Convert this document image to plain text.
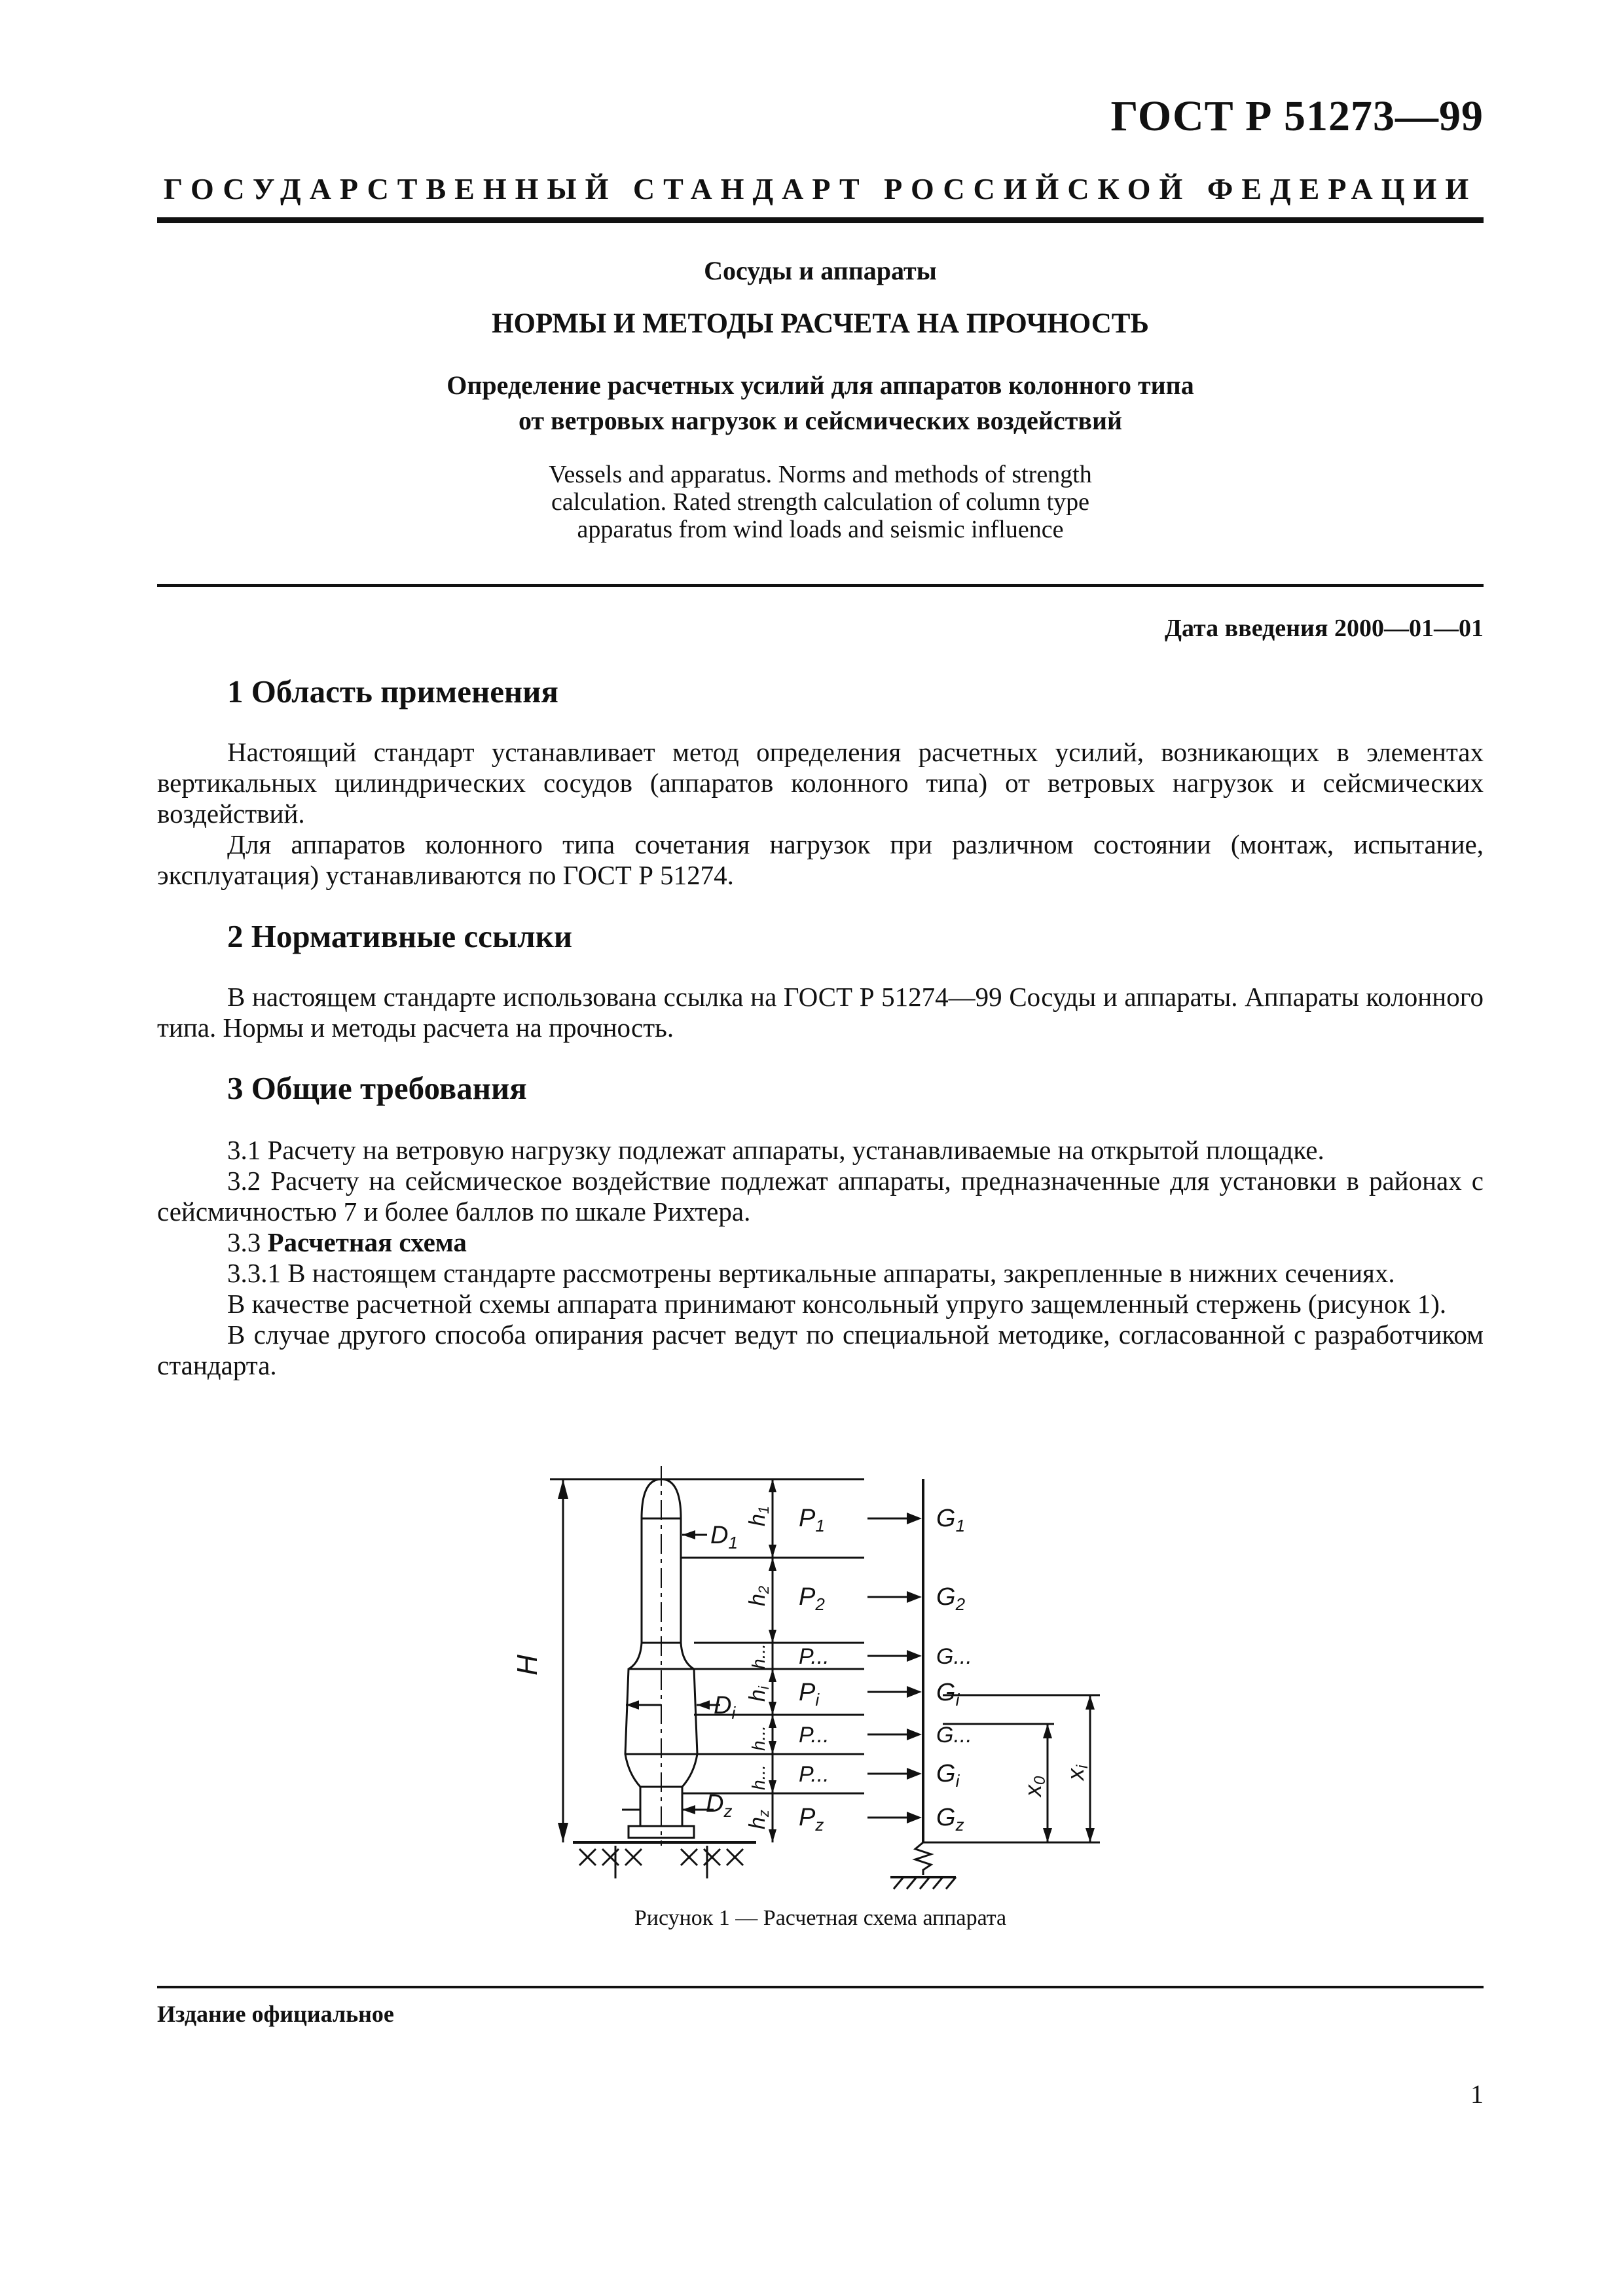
ГОСТ Р 51273—99
ГОСУДАРСТВЕННЫЙ СТАНДАРТ РОССИЙСКОЙ ФЕДЕРАЦИИ
Сосуды и аппараты
НОРМЫ И МЕТОДЫ РАСЧЕТА НА ПРОЧНОСТЬ
Определение расчетных усилий для аппаратов колонного типа
от ветровых нагрузок и сейсмических воздействий
Vessels and apparatus. Norms and methods of strength
calculation. Rated strength calculation of column type
apparatus from wind loads and seismic influence
Дата введения 2000—01—01
1 Область применения

Настоящий стандарт устанавливает метод определения расчетных усилий, возникающих в элементах вертикальных цилиндрических сосудов (аппаратов колонного типа) от ветровых нагрузок и сейсмических воздействий.

Для аппаратов колонного типа сочетания нагрузок при различном состоянии (монтаж, испытание, эксплуатация) устанавливаются по ГОСТ Р 51274.

2 Нормативные ссылки

В настоящем стандарте использована ссылка на ГОСТ Р 51274—99 Сосуды и аппараты. Аппараты колонного типа. Нормы и методы расчета на прочность.

3 Общие требования

3.1 Расчету на ветровую нагрузку подлежат аппараты, устанавливаемые на открытой площадке.

3.2 Расчету на сейсмическое воздействие подлежат аппараты, предназначенные для установки в районах с сейсмичностью 7 и более баллов по шкале Рихтера.

3.3 Расчетная схема

3.3.1 В настоящем стандарте рассмотрены вертикальные аппараты, закрепленные в нижних сечениях.

В качестве расчетной схемы аппарата принимают консольный упруго защемленный стержень (рисунок 1).

В случае другого способа опирания расчет ведут по специальной методике, согласованной с разработчиком стандарта.

H
$D_1$
$D_i$
$D_z$
h1
h2
h...
hi
h...
h...
hz
$P_1$
$P_2$
P...
$P_i$
P...
P...
$P_z$
$G_1$
$G_2$
G...
$G_i$
G...
$G_i$
$G_z$
x0
xi
Рисунок 1 — Расчетная схема аппарата
Издание официальное
1
